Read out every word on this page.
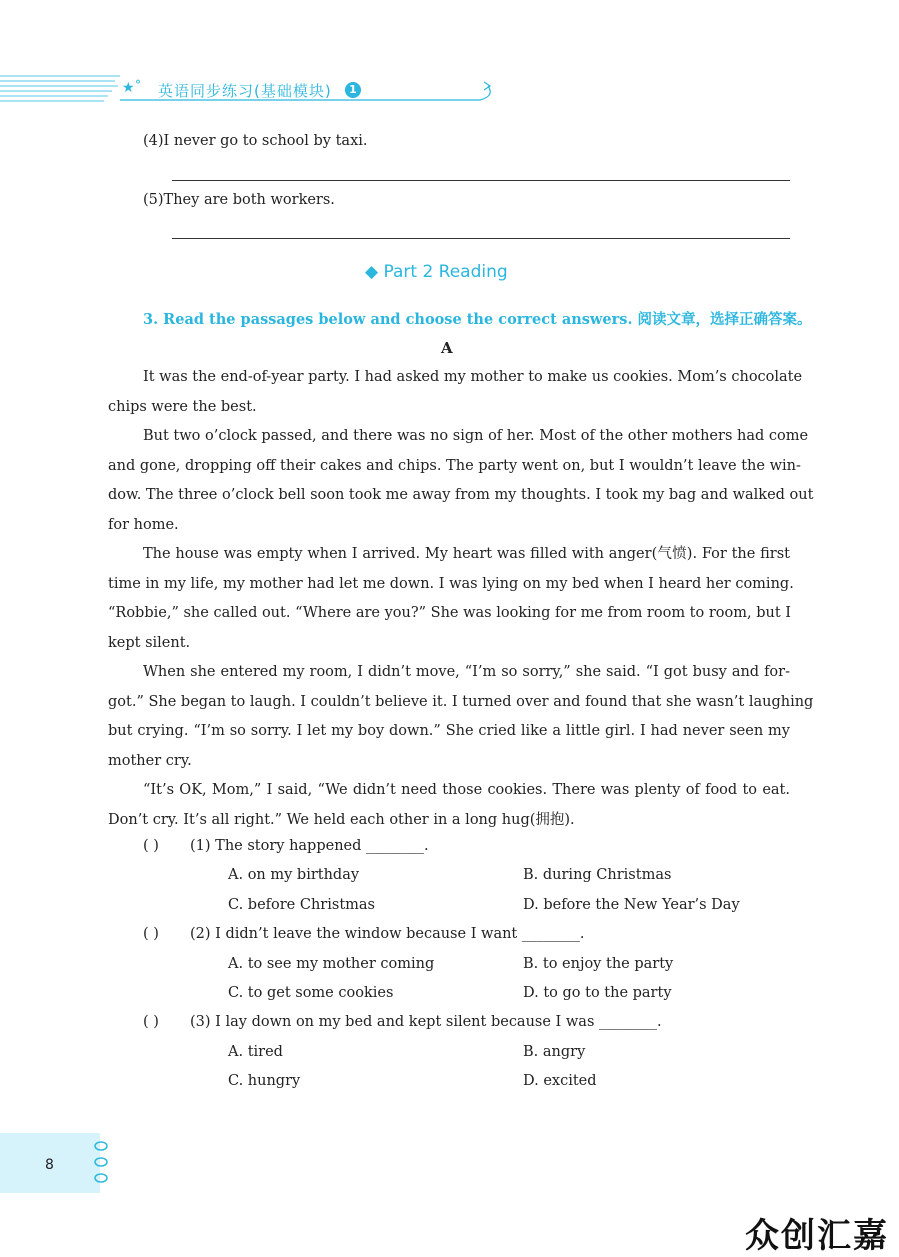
★˚ 英语同步练习(基础模块)	1
(4)I never go to school by taxi.
(5)They are both workers.
◆ Part 2 Reading
3. Read the passages below and choose the correct answers. 阅读文章，选择正确答案。
A
It was the end-of-year party. I had asked my mother to make us cookies. Mom’s chocolate
chips were the best.
But two o’clock passed, and there was no sign of her. Most of the other mothers had come
and gone, dropping off their cakes and chips. The party went on, but I wouldn’t leave the win-
dow. The three o’clock bell soon took me away from my thoughts. I took my bag and walked out
for home.
The house was empty when I arrived. My heart was filled with anger(气愤). For the first
time in my life, my mother had let me down. I was lying on my bed when I heard her coming.
“Robbie,” she called out. “Where are you?” She was looking for me from room to room, but I
kept silent.
When she entered my room, I didn’t move, “I’m so sorry,” she said. “I got busy and for-
got.” She began to laugh. I couldn’t believe it. I turned over and found that she wasn’t laughing
but crying. “I’m so sorry. I let my boy down.” She cried like a little girl. I had never seen my
mother cry.
“It’s OK, Mom,” I said, “We didn’t need those cookies. There was plenty of food to eat.
Don’t cry. It’s all right.” We held each other in a long hug(拥抱).
( ) (1) The story happened ________.
A. on my birthday	B. during Christmas
C. before Christmas	D. before the New Year’s Day
( ) (2) I didn’t leave the window because I want ________.
A. to see my mother coming	B. to enjoy the party
C. to get some cookies	D. to go to the party
( ) (3) I lay down on my bed and kept silent because I was ________.
A. tired	B. angry
C. hungry	D. excited
8
众创汇嘉
